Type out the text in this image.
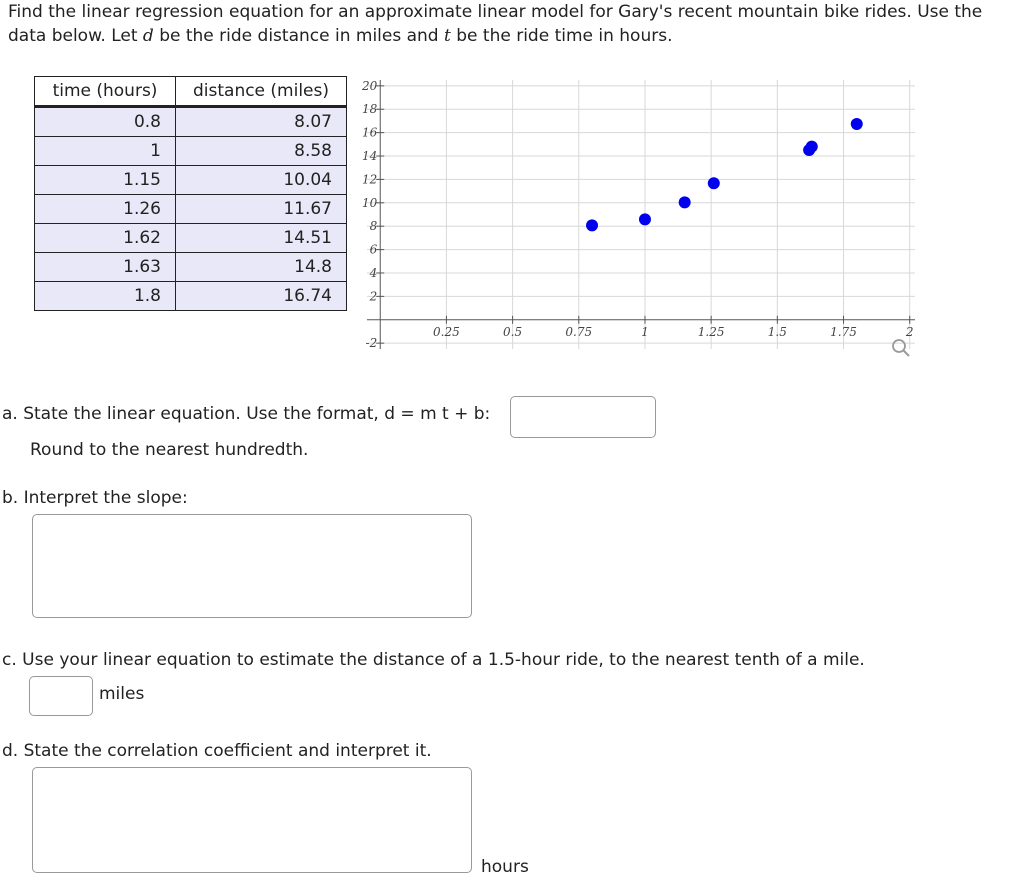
Find the linear regression equation for an approximate linear model for Gary's recent mountain bike rides. Use the data below. Let d be the ride distance in miles and t be the ride time in hours.
time (hours)	distance (miles)
0.8	8.07
1	8.58
1.15	10.04
1.26	11.67
1.62	14.51
1.63	14.8
1.8	16.74
0.25	0.5	0.75	1	1.25	1.5	1.75	2
-2
2
4
6
8
10
12
14
16
18
20
a. State the linear equation. Use the format, d = m t + b:
Round to the nearest hundredth.
b. Interpret the slope:
c. Use your linear equation to estimate the distance of a 1.5-hour ride, to the nearest tenth of a mile.
miles
d. State the correlation coefficient and interpret it.
hours
